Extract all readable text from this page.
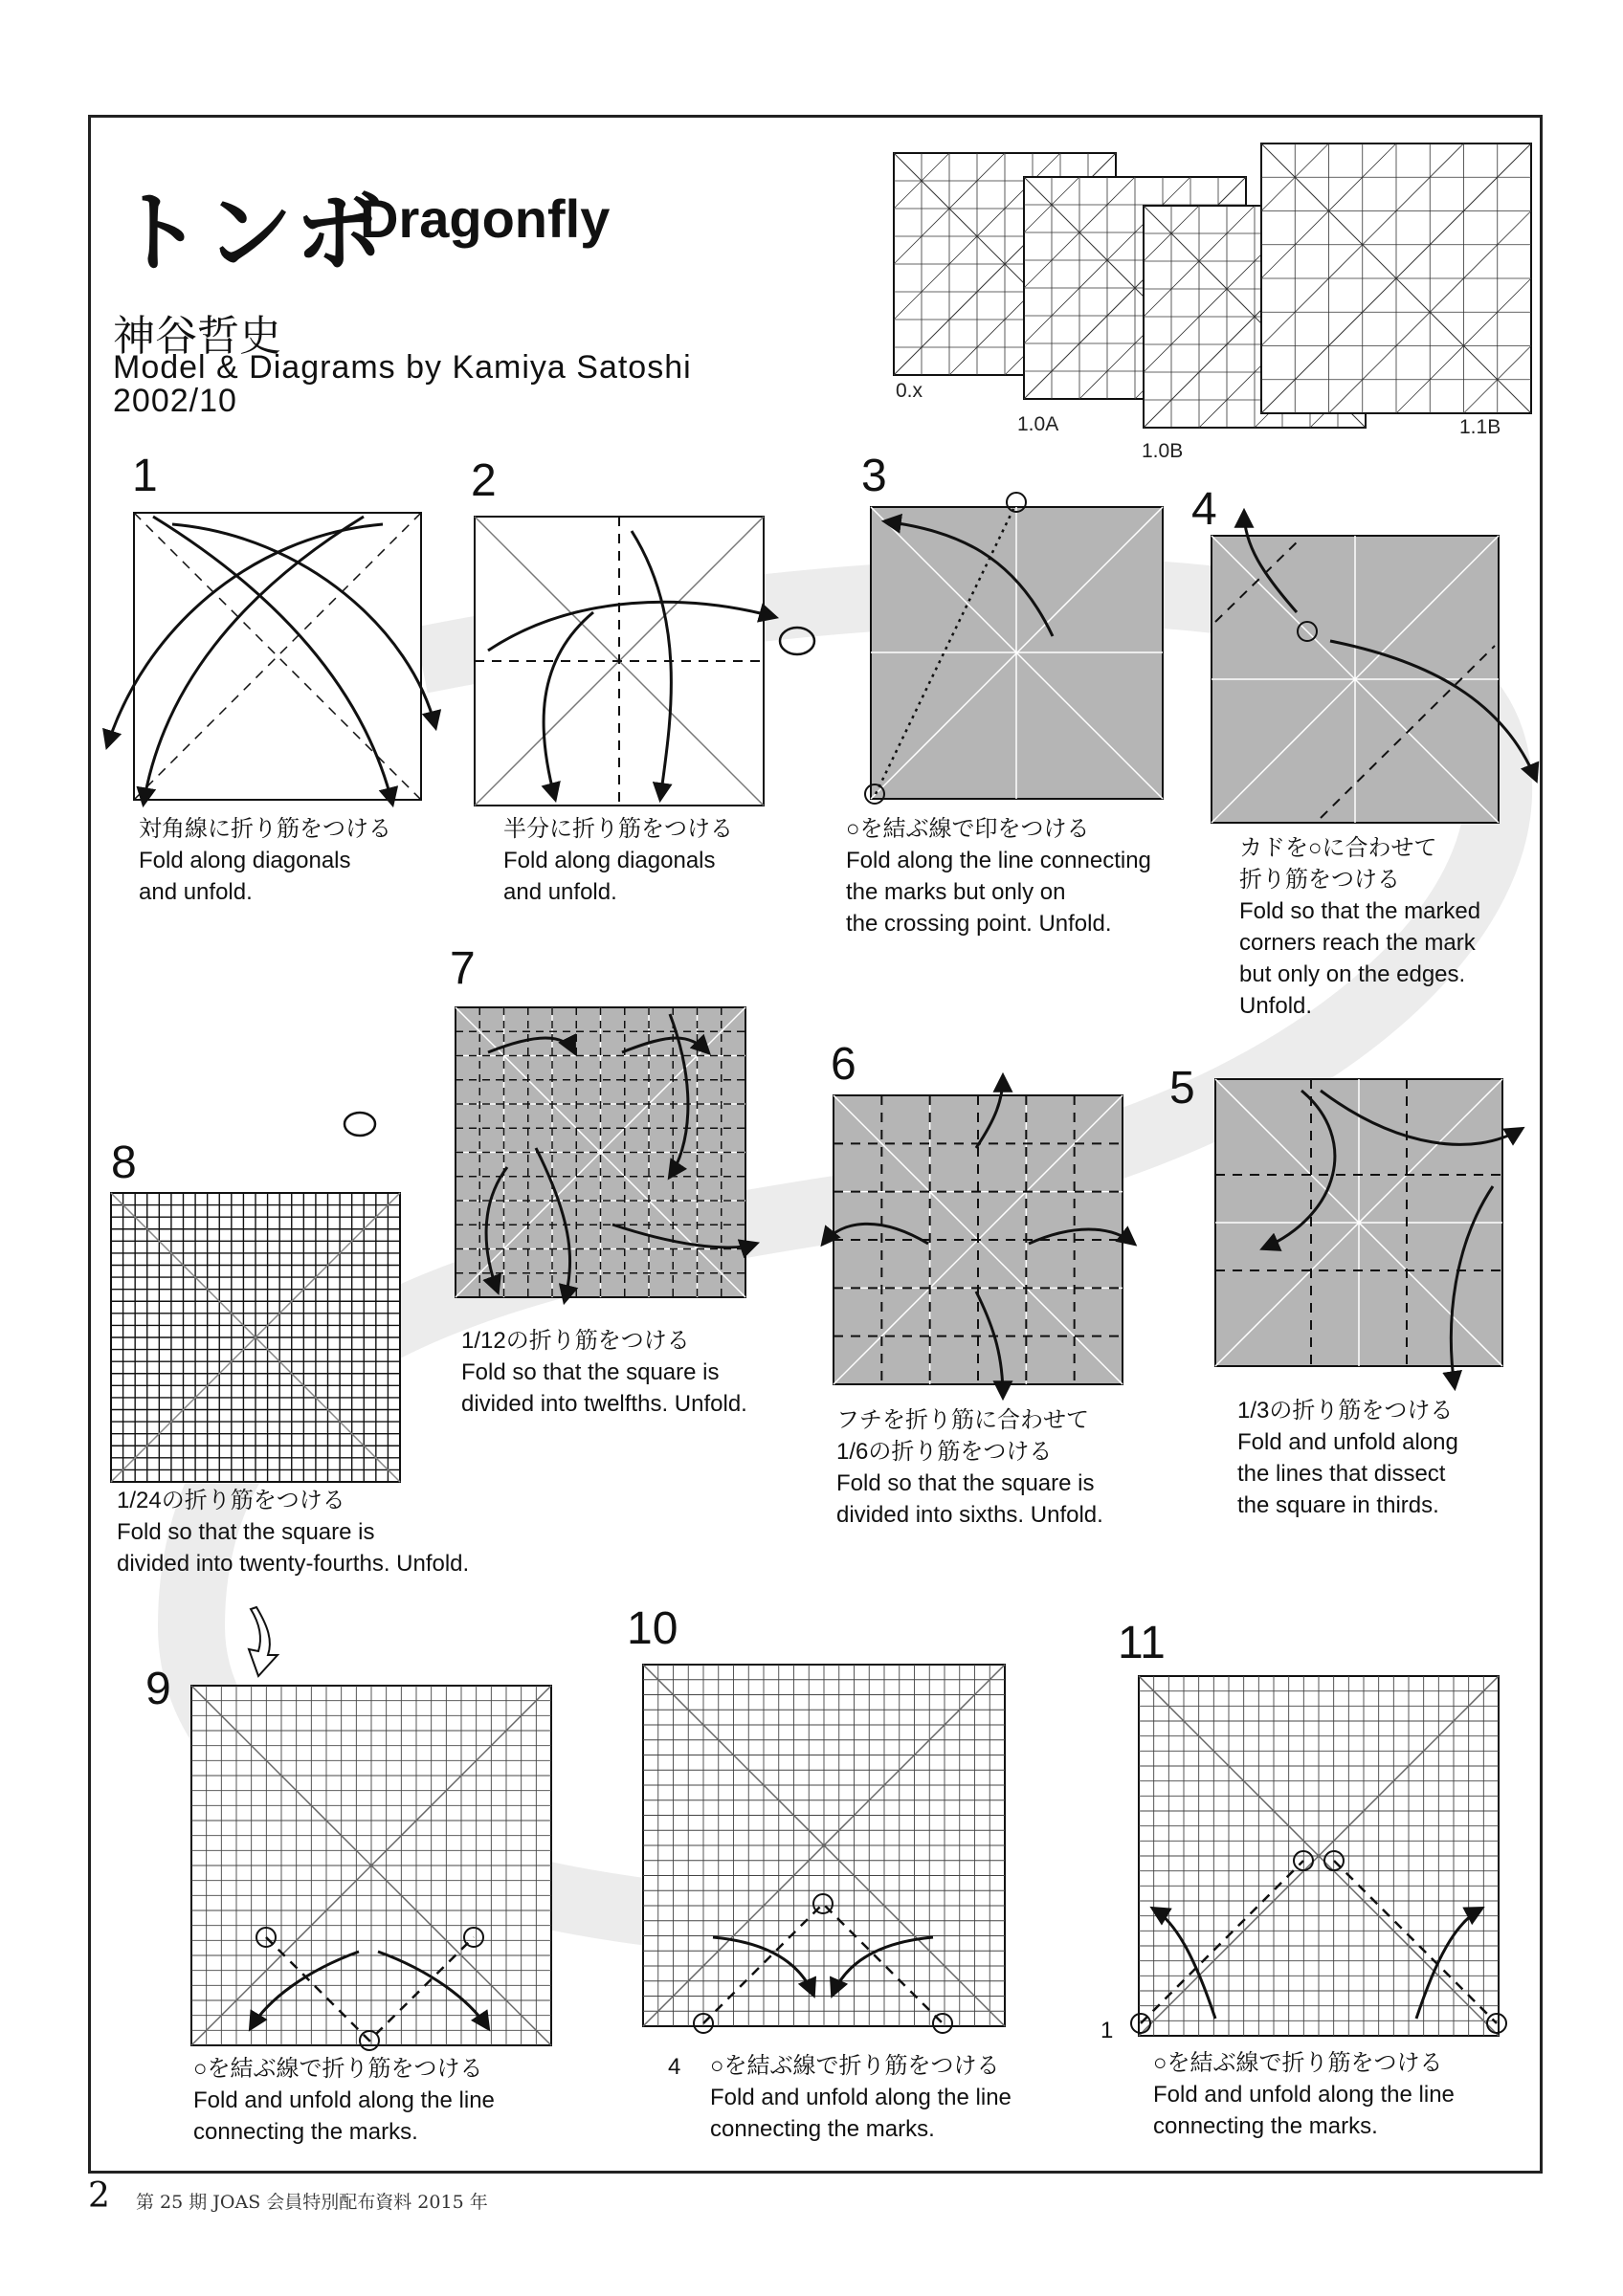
トンボ
Dragonfly
神谷哲史
Model & Diagrams by Kamiya Satoshi
2002/10	0.x
1.0A
1.0B
1.1B
1	2	3
4
5
6
7
8
9
10	11
対角線に折り筋をつける
Fold along diagonals
and unfold.
半分に折り筋をつける
Fold along diagonals
and unfold.
○を結ぶ線で印をつける
Fold along the line connecting
the marks but only on
the crossing point. Unfold.
カドを○に合わせて
折り筋をつける
Fold so that the marked
corners reach the mark
but only on the edges.
Unfold.
1/3の折り筋をつける
Fold and unfold along
the lines that dissect
the square in thirds.
フチを折り筋に合わせて
1/6の折り筋をつける
Fold so that the square is
divided into sixths. Unfold.
1/12の折り筋をつける
Fold so that the square is
divided into twelfths. Unfold.
1/24の折り筋をつける
Fold so that the square is
divided into twenty-fourths. Unfold.
○を結ぶ線で折り筋をつける
Fold and unfold along the line
connecting the marks.
○を結ぶ線で折り筋をつける
Fold and unfold along the line
connecting the marks.
○を結ぶ線で折り筋をつける
Fold and unfold along the line
connecting the marks.
4
1
2 第 25 期 JOAS 会員特別配布資料 2015 年
